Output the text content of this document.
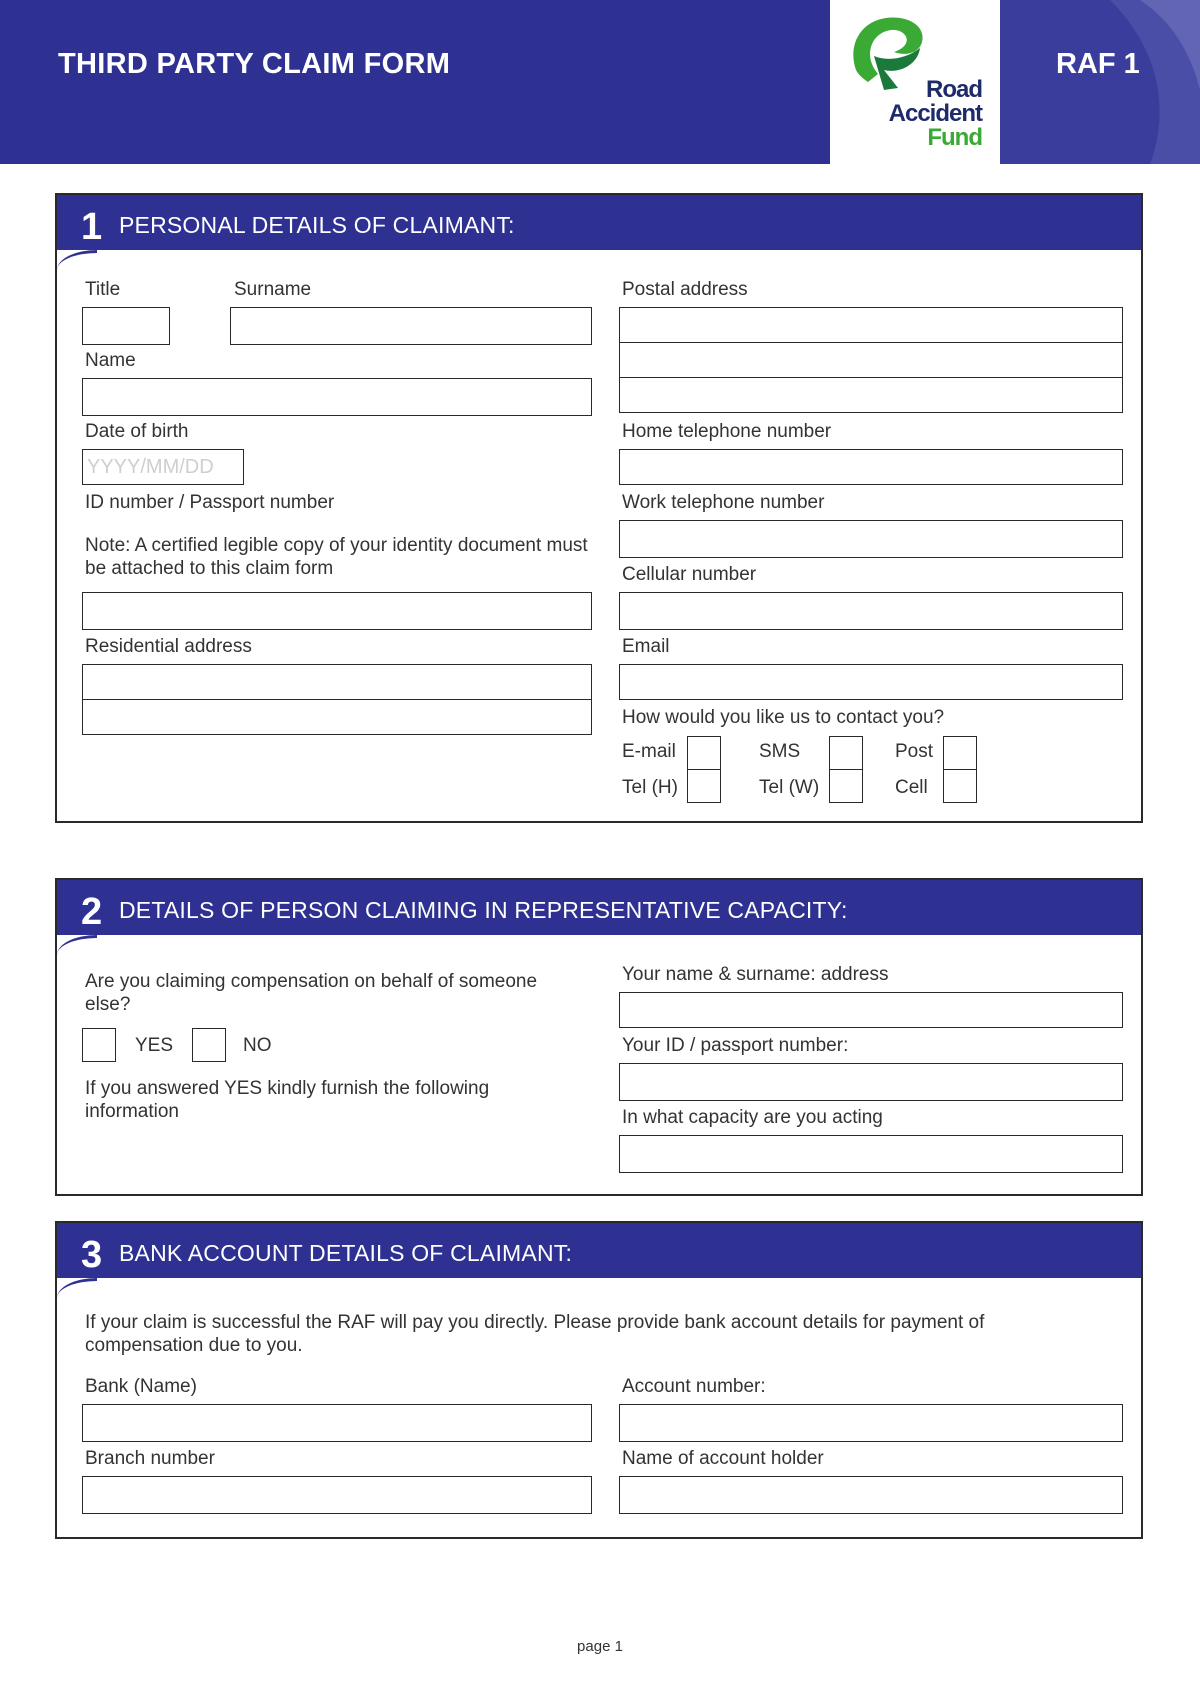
THIRD PARTY CLAIM FORM
Road
Accident
Fund
RAF 1
1 PERSONAL DETAILS OF CLAIMANT:
Title	Surname
Name
Date of birth
YYYY/MM/DD
ID number / Passport number
Note: A certified legible copy of your identity document must be attached to this claim form
Residential address
Postal address
Home telephone number
Work telephone number
Cellular number
Email
How would you like us to contact you?
E-mail	SMS	Post
Tel (H)	Tel (W)	Cell
2 DETAILS OF PERSON CLAIMING IN REPRESENTATIVE CAPACITY:
Are you claiming compensation on behalf of someone else?
YES	NO
If you answered YES kindly furnish the following information
Your name & surname: address
Your ID / passport number:
In what capacity are you acting
3 BANK ACCOUNT DETAILS OF CLAIMANT:
If your claim is successful the RAF will pay you directly. Please provide bank account details for payment of compensation due to you.
Bank (Name)
Branch number
Account number:
Name of account holder
page 1
